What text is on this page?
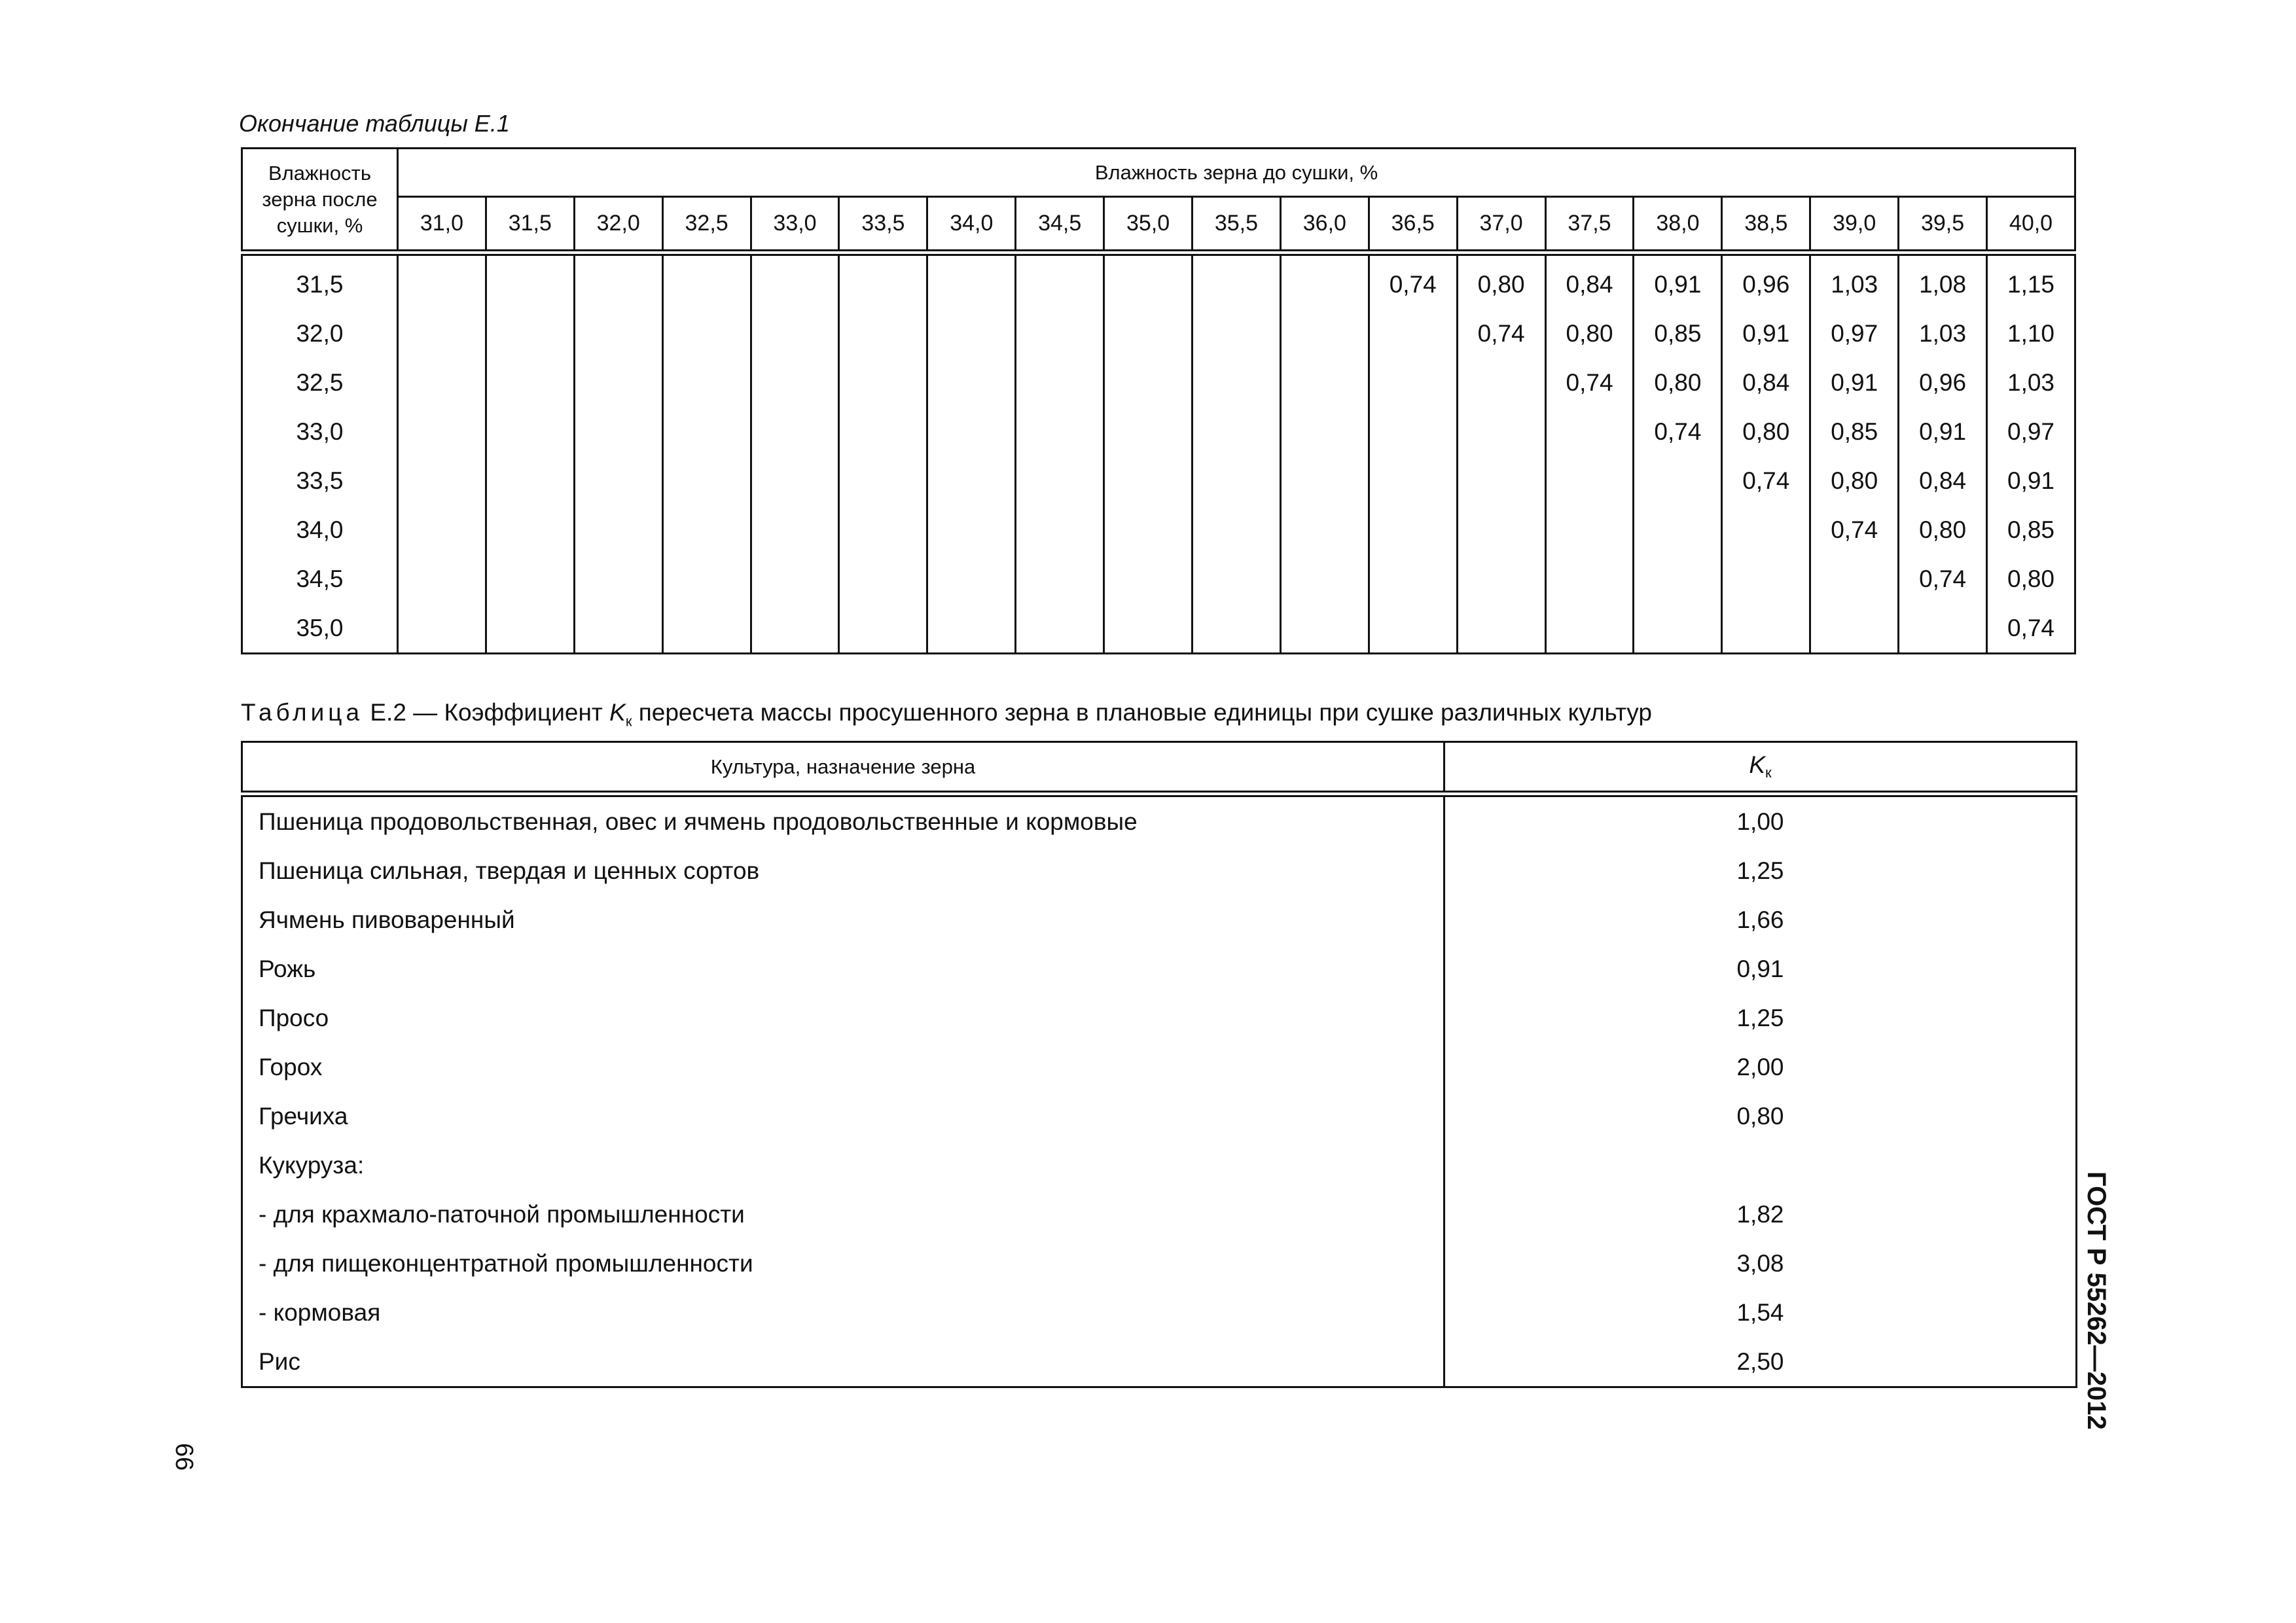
Окончание таблицы Е.1
Влажность зерна после сушки, %	Влажность зерна до сушки, %																		
	31,0	31,5	32,0	32,5	33,0	33,5	34,0	34,5	35,0	35,5	36,0	36,5	37,0	37,5	38,0	38,5	39,0	39,5	40,0
31,5												0,74	0,80	0,84	0,91	0,96	1,03	1,08	1,15
32,0													0,74	0,80	0,85	0,91	0,97	1,03	1,10
32,5														0,74	0,80	0,84	0,91	0,96	1,03
33,0															0,74	0,80	0,85	0,91	0,97
33,5																0,74	0,80	0,84	0,91
34,0																	0,74	0,80	0,85
34,5																		0,74	0,80
35,0																			0,74
Таблица Е.2 — Коэффициент $K_к$ пересчета массы просушенного зерна в плановые единицы при сушке различных культур
Культура, назначение зерна	$K_к$
Пшеница продовольственная, овес и ячмень продовольственные и кормовые	1,00
Пшеница сильная, твердая и ценных сортов	1,25
Ячмень пивоваренный	1,66
Рожь	0,91
Просо	1,25
Горох	2,00
Гречиха	0,80
Кукуруза:	
- для крахмало-паточной промышленности	1,82
- для пищеконцентратной промышленности	3,08
- кормовая	1,54
Рис	2,50	ГОСТ Р 55262—2012
66
